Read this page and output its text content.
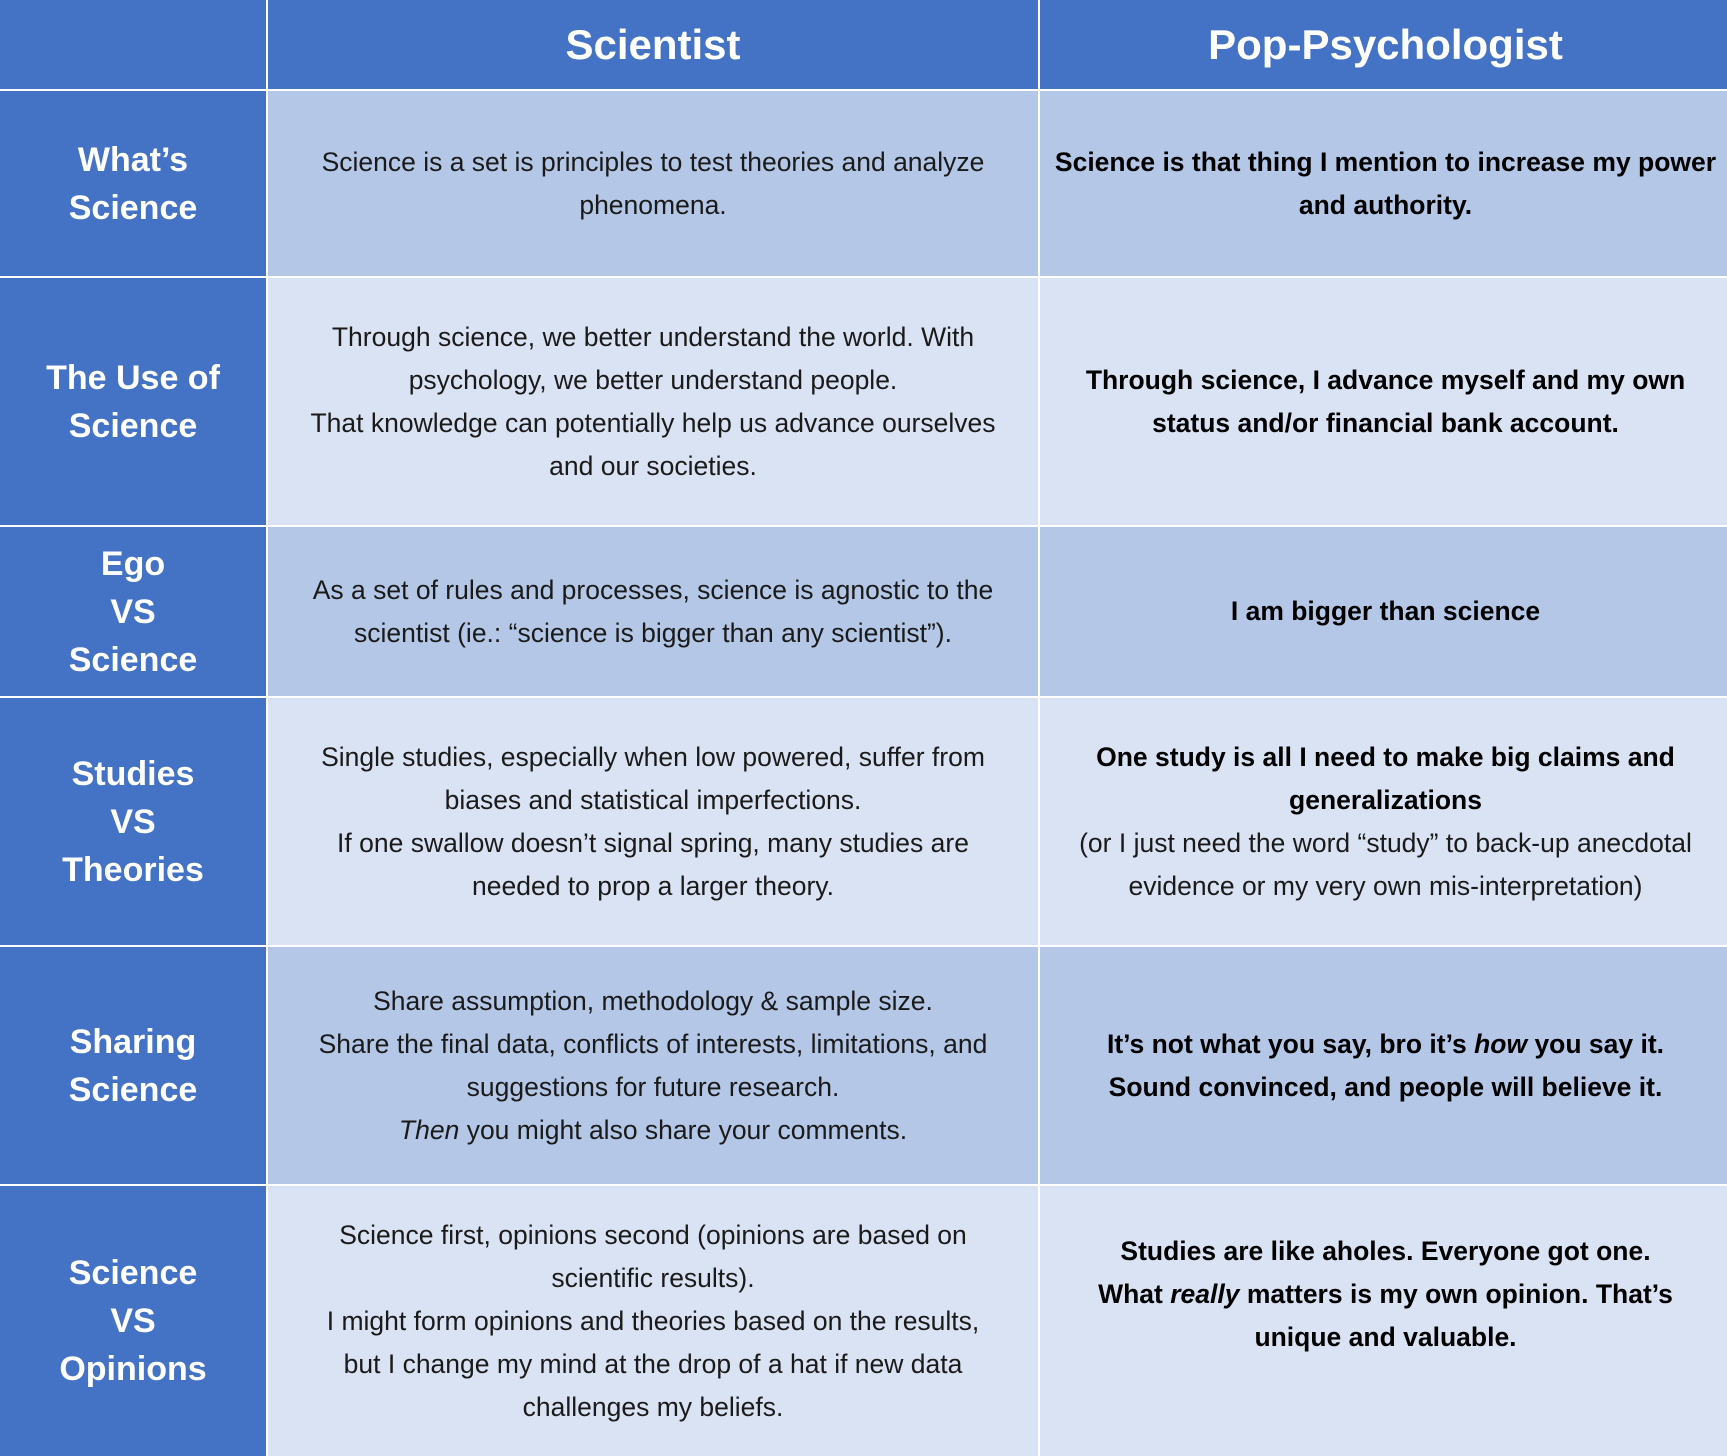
Scientist	Pop-Psychologist
What’s
Science
Science is a set is principles to test theories and analyze
phenomena.
Science is that thing I mention to increase my power
and authority.
The Use of
Science
Through science, we better understand the world. With
psychology, we better understand people.
That knowledge can potentially help us advance ourselves
and our societies.
Through science, I advance myself and my own
status and/or financial bank account.
Ego
VS
Science
As a set of rules and processes, science is agnostic to the
scientist (ie.: “science is bigger than any scientist”).
I am bigger than science
Studies
VS
Theories
Single studies, especially when low powered, suffer from
biases and statistical imperfections.
If one swallow doesn’t signal spring, many studies are
needed to prop a larger theory.
One study is all I need to make big claims and
generalizations
(or I just need the word “study” to back-up anecdotal
evidence or my very own mis-interpretation)
Sharing
Science
Share assumption, methodology & sample size.
Share the final data, conflicts of interests, limitations, and
suggestions for future research.
Then you might also share your comments.
It’s not what you say, bro it’s how you say it.
Sound convinced, and people will believe it.
Science
VS
Opinions
Science first, opinions second (opinions are based on
scientific results).
I might form opinions and theories based on the results,
but I change my mind at the drop of a hat if new data
challenges my beliefs.
Studies are like aholes. Everyone got one.
What really matters is my own opinion. That’s
unique and valuable.
